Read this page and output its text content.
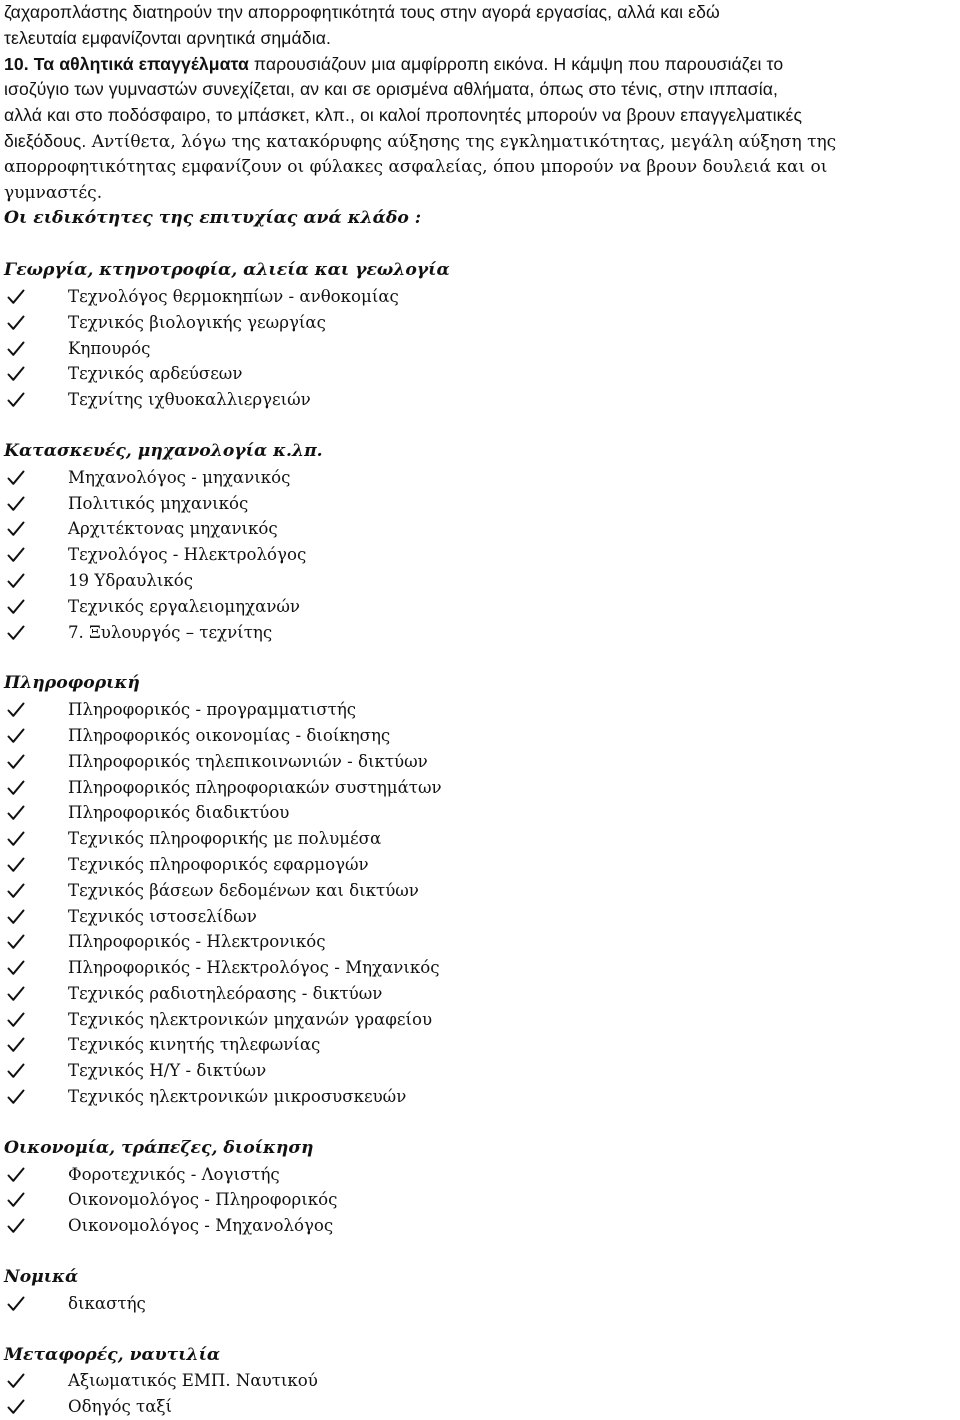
ζαχαροπλάστης διατηρούν την απορροφητικότητά τους στην αγορά εργασίας, αλλά και εδώ
τελευταία εμφανίζονται αρνητικά σημάδια.
10. Τα αθλητικά επαγγέλματα παρουσιάζουν μια αμφίρροπη εικόνα. Η κάμψη που παρουσιάζει το
ισοζύγιο των γυμναστών συνεχίζεται, αν και σε ορισμένα αθλήματα, όπως στο τένις, στην ιππασία,
αλλά και στο ποδόσφαιρο, το μπάσκετ, κλπ., οι καλοί προπονητές μπορούν να βρουν επαγγελματικές
διεξόδους. Αντίθετα, λόγω της κατακόρυφης αύξησης της εγκληματικότητας, μεγάλη αύξηση της
απορροφητικότητας εμφανίζουν οι φύλακες ασφαλείας, όπου μπορούν να βρουν δουλειά και οι
γυμναστές.
Οι ειδικότητες της επιτυχίας ανά κλάδο :
Γεωργία, κτηνοτροφία, αλιεία και γεωλογία
Τεχνολόγος θερμοκηπίων - ανθοκομίας
Τεχνικός βιολογικής γεωργίας
Κηπουρός
Τεχνικός αρδεύσεων
Τεχνίτης ιχθυοκαλλιεργειών
Κατασκευές, μηχανολογία κ.λπ.
Μηχανολόγος - μηχανικός
Πολιτικός μηχανικός
Αρχιτέκτονας μηχανικός
Τεχνολόγος - Ηλεκτρολόγος
19 Υδραυλικός
Τεχνικός εργαλειομηχανών
7. Ξυλουργός – τεχνίτης
Πληροφορική
Πληροφορικός - προγραμματιστής
Πληροφορικός οικονομίας - διοίκησης
Πληροφορικός τηλεπικοινωνιών - δικτύων
Πληροφορικός πληροφοριακών συστημάτων
Πληροφορικός διαδικτύου
Τεχνικός πληροφορικής με πολυμέσα
Τεχνικός πληροφορικός εφαρμογών
Τεχνικός βάσεων δεδομένων και δικτύων
Τεχνικός ιστοσελίδων
Πληροφορικός - Ηλεκτρονικός
Πληροφορικός - Ηλεκτρολόγος - Μηχανικός
Τεχνικός ραδιοτηλεόρασης - δικτύων
Τεχνικός ηλεκτρονικών μηχανών γραφείου
Τεχνικός κινητής τηλεφωνίας
Τεχνικός Η/Υ - δικτύων
Τεχνικός ηλεκτρονικών μικροσυσκευών
Οικονομία, τράπεζες, διοίκηση
Φοροτεχνικός - Λογιστής
Οικονομολόγος - Πληροφορικός
Οικονομολόγος - Μηχανολόγος
Νομικά
δικαστής
Μεταφορές, ναυτιλία
Αξιωματικός ΕΜΠ. Ναυτικού
Οδηγός ταξί
